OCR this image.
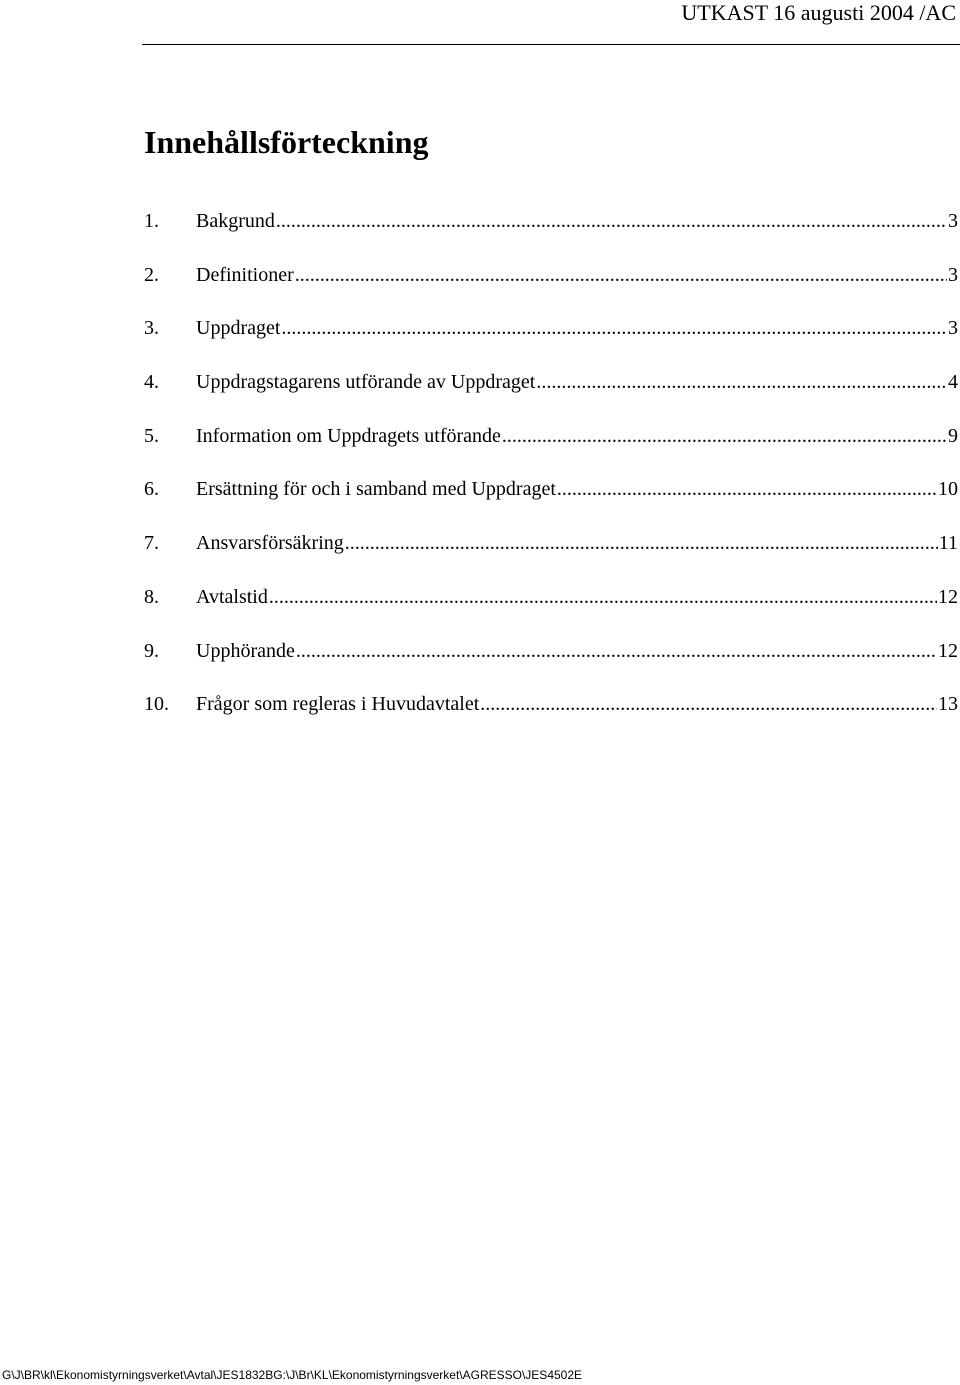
UTKAST 16 augusti 2004 /AC
Innehållsförteckning
1.	Bakgrund .....	3
2.	Definitioner .....	3
3.	Uppdraget .....	3
4.	Uppdragstagarens utförande av Uppdraget .....	4
5.	Information om Uppdragets utförande .....	9
6.	Ersättning för och i samband med Uppdraget .....	10
7.	Ansvarsförsäkring .....	11
8.	Avtalstid .....	12
9.	Upphörande .....	12
10.	Frågor som regleras i Huvudavtalet .....	13
G\J\BR\kl\Ekonomistyrningsverket\Avtal\JES1832BG:\J\Br\KL\Ekonomistyrningsverket\AGRESSO\JES4502E
